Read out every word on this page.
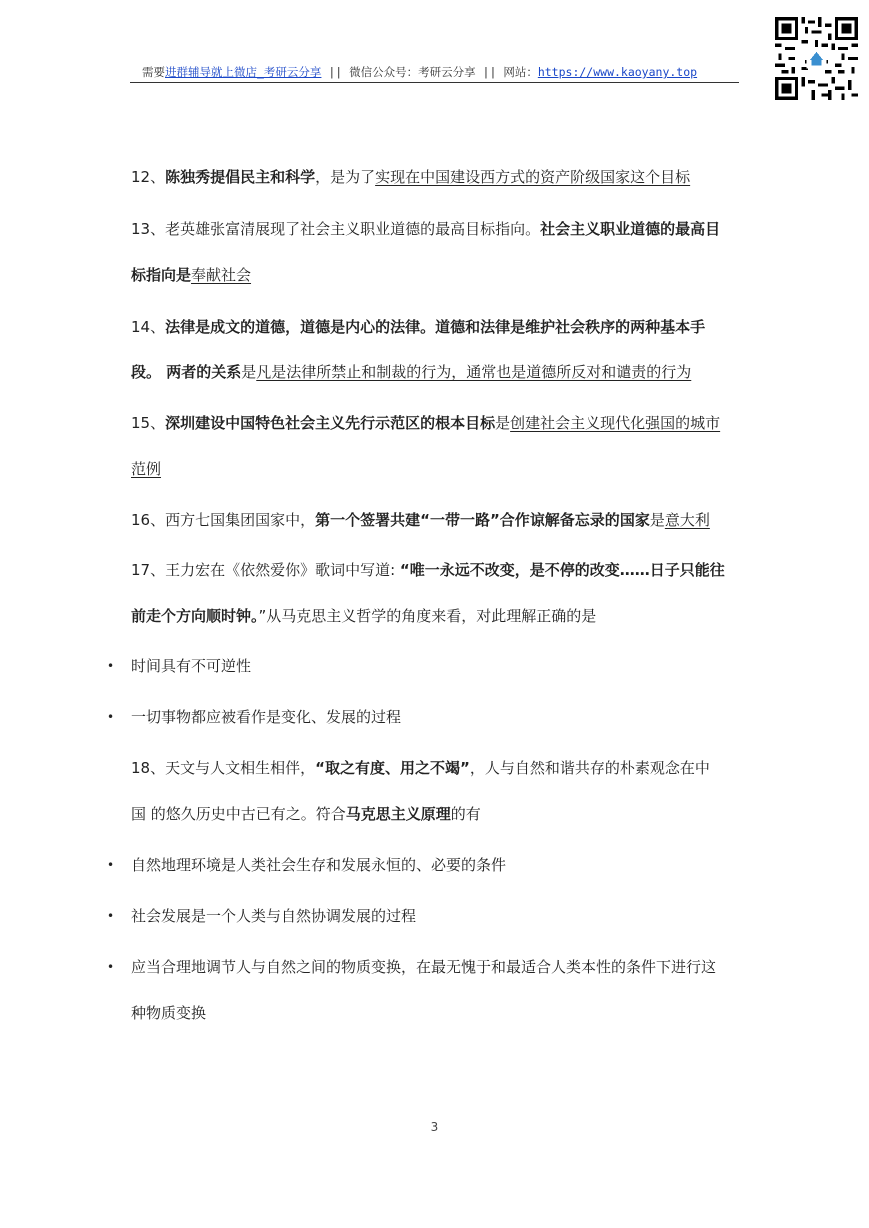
需要进群辅导就上微店_考研云分享 || 微信公众号：考研云分享 || 网站：https://www.kaoyany.top
12、陈独秀提倡民主和科学，是为了实现在中国建设西方式的资产阶级国家这个目标
13、老英雄张富清展现了社会主义职业道德的最高目标指向。社会主义职业道德的最高目
标指向是奉献社会
14、法律是成文的道德，道德是内心的法律。道德和法律是维护社会秩序的两种基本手
段。 两者的关系是凡是法律所禁止和制裁的行为，通常也是道德所反对和谴责的行为
15、深圳建设中国特色社会主义先行示范区的根本目标是创建社会主义现代化强国的城市
范例
16、西方七国集团国家中，第一个签署共建“一带一路”合作谅解备忘录的国家是意大利
17、王力宏在《依然爱你》歌词中写道: “唯一永远不改变，是不停的改变……日子只能往
前走个方向顺时钟。”从马克思主义哲学的角度来看，对此理解正确的是
• 时间具有不可逆性
• 一切事物都应被看作是变化、发展的过程
18、天文与人文相生相伴，“取之有度、用之不竭”，人与自然和谐共存的朴素观念在中
国 的悠久历史中古已有之。符合马克思主义原理的有
• 自然地理环境是人类社会生存和发展永恒的、必要的条件
• 社会发展是一个人类与自然协调发展的过程
• 应当合理地调节人与自然之间的物质变换，在最无愧于和最适合人类本性的条件下进行这
种物质变换
3
